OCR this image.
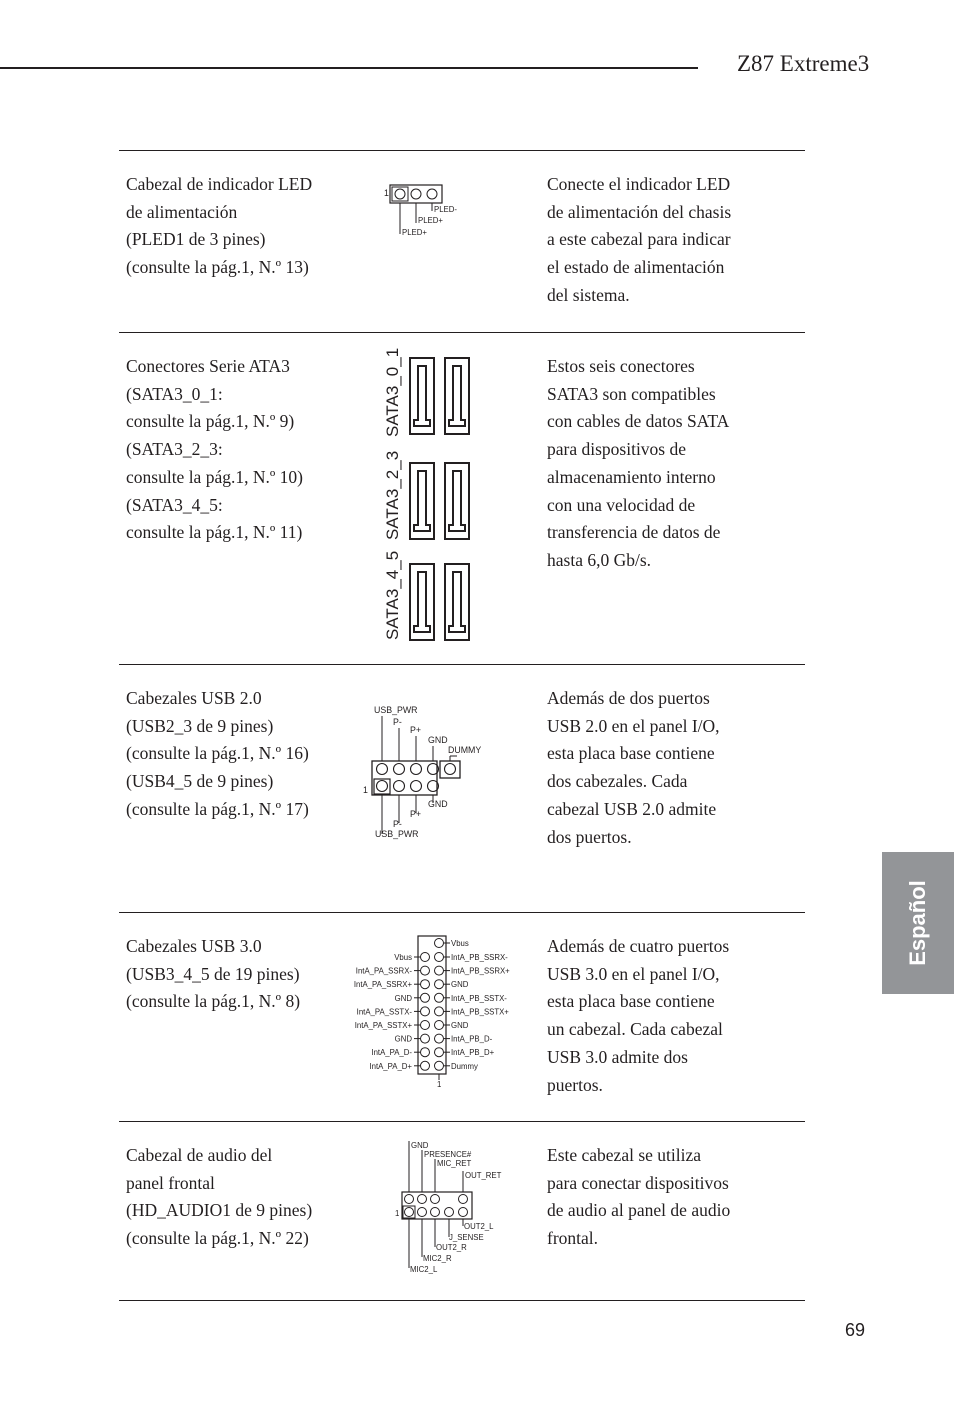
Z87 Extreme3
Cabezal de indicador LED
de alimentación
(PLED1 de 3 pines)
(consulte la pág.1, N.º 13)
1
PLED-
PLED+
PLED+
Conecte el indicador LED
de alimentación del chasis
a este cabezal para indicar
el estado de alimentación
del sistema.
Conectores Serie ATA3
(SATA3_0_1:
consulte la pág.1, N.º 9)
(SATA3_2_3:
consulte la pág.1, N.º 10)
(SATA3_4_5:
consulte la pág.1, N.º 11)
SATA3_0_1
SATA3_2_3
SATA3_4_5
Estos seis conectores
SATA3 son compatibles
con cables de datos SATA
para dispositivos de
almacenamiento interno
con una velocidad de
transferencia de datos de
hasta 6,0 Gb/s.
Cabezales USB 2.0
(USB2_3 de 9 pines)
(consulte la pág.1, N.º 16)
(USB4_5 de 9 pines)
(consulte la pág.1, N.º 17)
USB_PWR
P-
P+
GND
DUMMY
1
GND
P+
P-
USB_PWR
Además de dos puertos
USB 2.0 en el panel I/O,
esta placa base contiene
dos cabezales. Cada
cabezal USB 2.0 admite
dos puertos.
Cabezales USB 3.0
(USB3_4_5 de 19 pines)
(consulte la pág.1, N.º 8)
Vbus
Vbus	IntA_PB_SSRX-
IntA_PA_SSRX-	IntA_PB_SSRX+
IntA_PA_SSRX+	GND
GND	IntA_PB_SSTX-
IntA_PA_SSTX-	IntA_PB_SSTX+
IntA_PA_SSTX+	GND
GND	IntA_PB_D-
IntA_PA_D-	IntA_PB_D+
IntA_PA_D+	Dummy
1
Además de cuatro puertos
USB 3.0 en el panel I/O,
esta placa base contiene
un cabezal. Cada cabezal
USB 3.0 admite dos
puertos.
Cabezal de audio del
panel frontal
(HD_AUDIO1 de 9 pines)
(consulte la pág.1, N.º 22)
GND
PRESENCE#
MIC_RET
OUT_RET
1
OUT2_L
J_SENSE
OUT2_R
MIC2_R
MIC2_L
Este cabezal se utiliza
para conectar dispositivos
de audio al panel de audio
frontal.
Español
69
